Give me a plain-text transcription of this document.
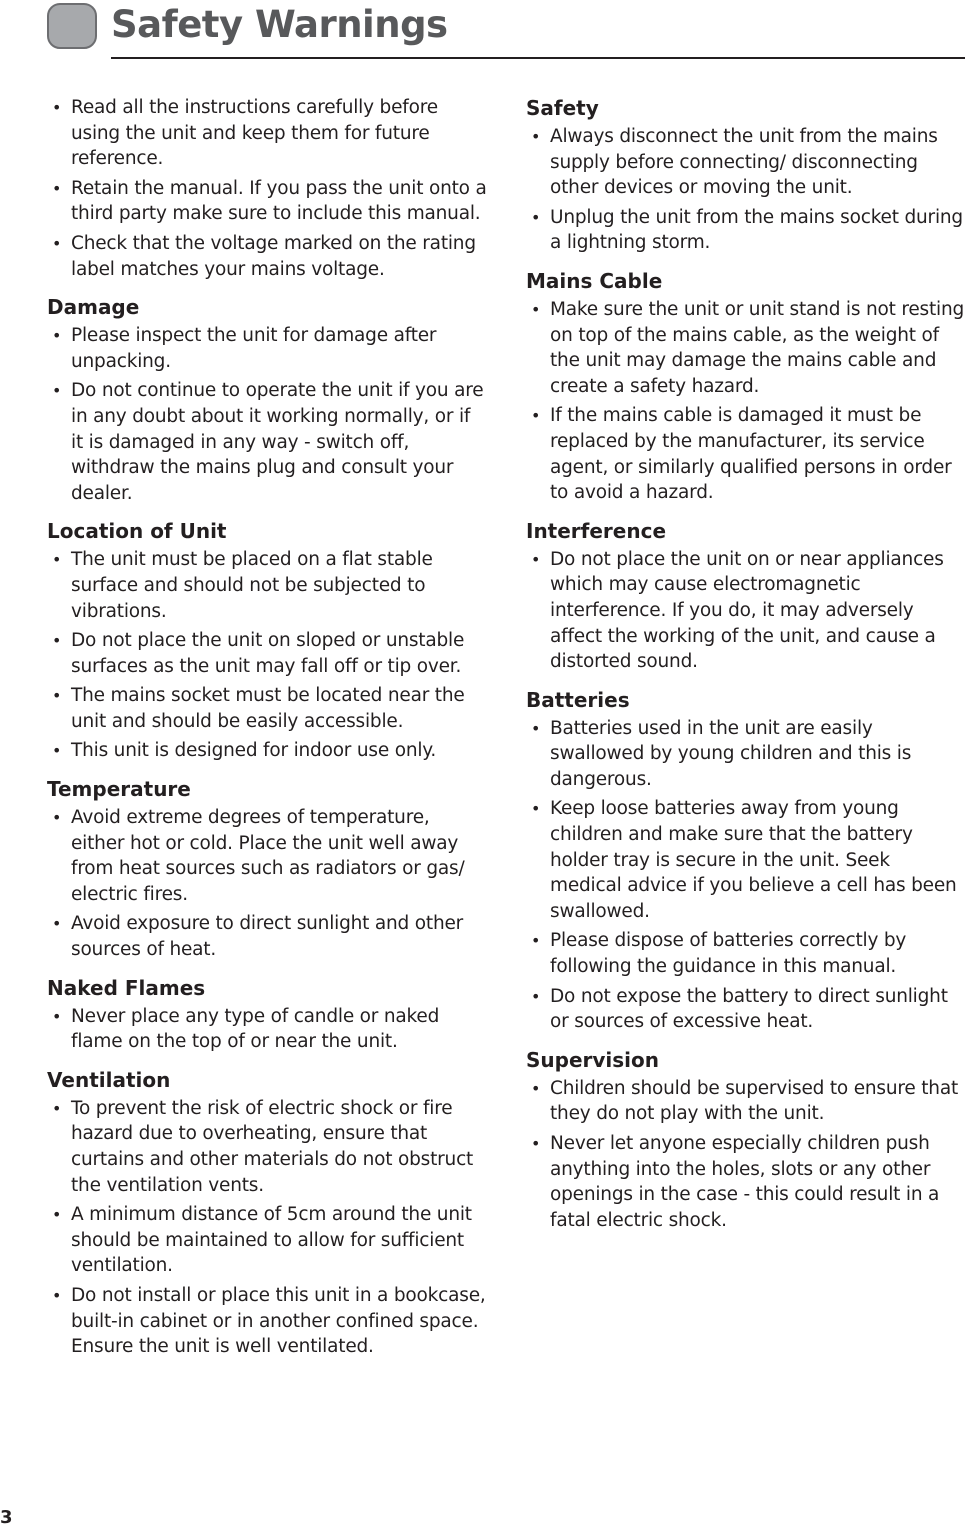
Safety Warnings
• Read all the instructions carefully before using the unit and keep them for future reference.
• Retain the manual. If you pass the unit onto a third party make sure to include this manual.
• Check that the voltage marked on the rating label matches your mains voltage.
Damage
• Please inspect the unit for damage after unpacking.
• Do not continue to operate the unit if you are in any doubt about it working normally, or if it is damaged in any way - switch off, withdraw the mains plug and consult your dealer.
Location of Unit
• The unit must be placed on a flat stable surface and should not be subjected to vibrations.
• Do not place the unit on sloped or unstable surfaces as the unit may fall off or tip over.
• The mains socket must be located near the unit and should be easily accessible.
• This unit is designed for indoor use only.
Temperature
• Avoid extreme degrees of temperature, either hot or cold. Place the unit well away from heat sources such as radiators or gas/ electric fires.
• Avoid exposure to direct sunlight and other sources of heat.
Naked Flames
• Never place any type of candle or naked flame on the top of or near the unit.
Ventilation
• To prevent the risk of electric shock or fire hazard due to overheating, ensure that curtains and other materials do not obstruct the ventilation vents.
• A minimum distance of 5cm around the unit should be maintained to allow for sufficient ventilation.
• Do not install or place this unit in a bookcase, built-in cabinet or in another confined space. Ensure the unit is well ventilated.
Safety
• Always disconnect the unit from the mains supply before connecting/ disconnecting other devices or moving the unit.
• Unplug the unit from the mains socket during a lightning storm.
Mains Cable
• Make sure the unit or unit stand is not resting on top of the mains cable, as the weight of the unit may damage the mains cable and create a safety hazard.
• If the mains cable is damaged it must be replaced by the manufacturer, its service agent, or similarly qualified persons in order to avoid a hazard.
Interference
• Do not place the unit on or near appliances which may cause electromagnetic interference. If you do, it may adversely affect the working of the unit, and cause a distorted sound.
Batteries
• Batteries used in the unit are easily swallowed by young children and this is dangerous.
• Keep loose batteries away from young children and make sure that the battery holder tray is secure in the unit. Seek medical advice if you believe a cell has been swallowed.
• Please dispose of batteries correctly by following the guidance in this manual.
• Do not expose the battery to direct sunlight or sources of excessive heat.
Supervision
• Children should be supervised to ensure that they do not play with the unit.
• Never let anyone especially children push anything into the holes, slots or any other openings in the case - this could result in a fatal electric shock.
3
